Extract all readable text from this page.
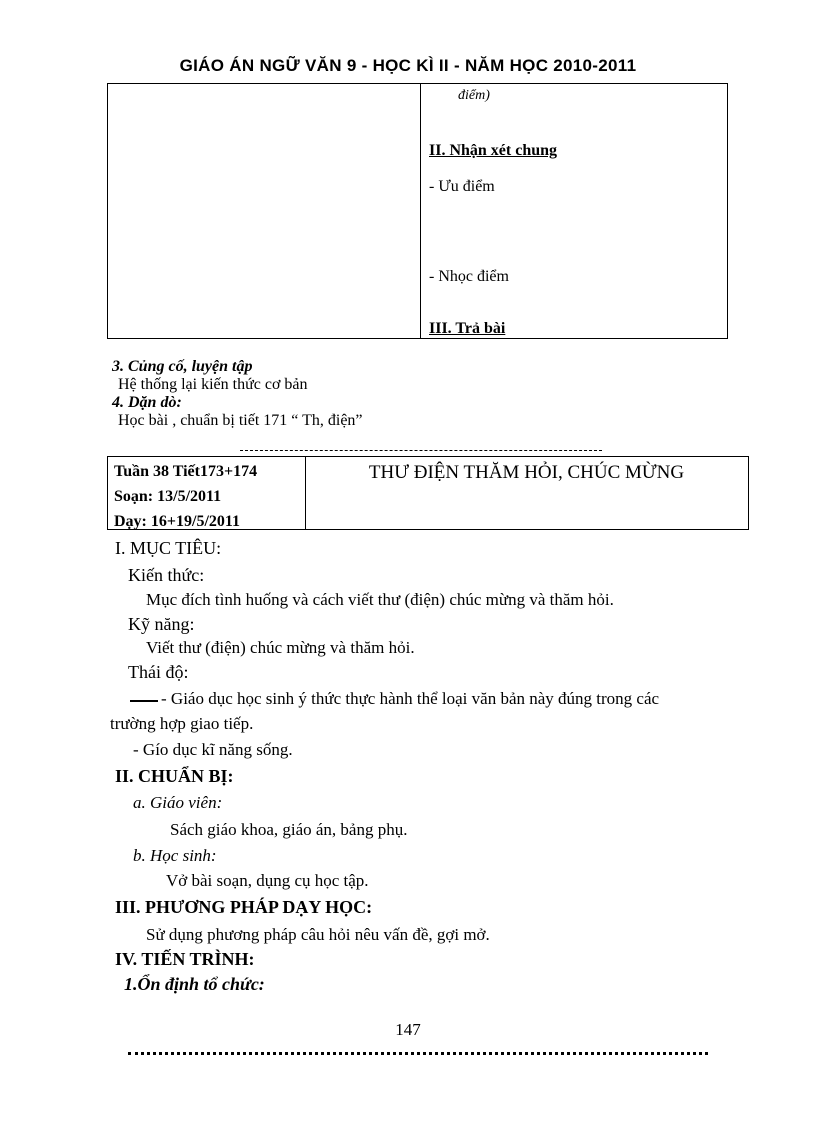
GIÁO ÁN NGỮ VĂN 9 - HỌC KÌ II - NĂM HỌC 2010-2011
điểm)
II. Nhận xét chung
- Ưu điểm
- Nhọc điểm
III. Trả bài
3. Củng cố, luyện tập
Hệ thống lại kiến thức cơ bản
4. Dặn dò:
Học bài , chuẩn bị tiết 171 “ Th, điện”
Tuần 38 Tiết173+174
Soạn: 13/5/2011
Dạy: 16+19/5/2011
THƯ ĐIỆN THĂM HỎI, CHÚC MỪNG
I. MỤC TIÊU:
Kiến thức:
Mục đích tình huống và cách viết thư (điện) chúc mừng và thăm hỏi.
Kỹ năng:
Viết thư (điện) chúc mừng và thăm hỏi.
Thái độ:
- Giáo dục học sinh ý thức thực hành thể loại văn bản này đúng trong các
trường hợp giao tiếp.
- Gío dục kĩ năng sống.
II. CHUẨN BỊ:
a. Giáo viên:
Sách giáo khoa, giáo án, bảng phụ.
b. Học sinh:
Vở bài soạn, dụng cụ học tập.
III. PHƯƠNG PHÁP DẠY HỌC:
Sử dụng phương pháp câu hỏi nêu vấn đề, gợi mở.
IV. TIẾN TRÌNH:
1.Ổn định tổ chức:
147
